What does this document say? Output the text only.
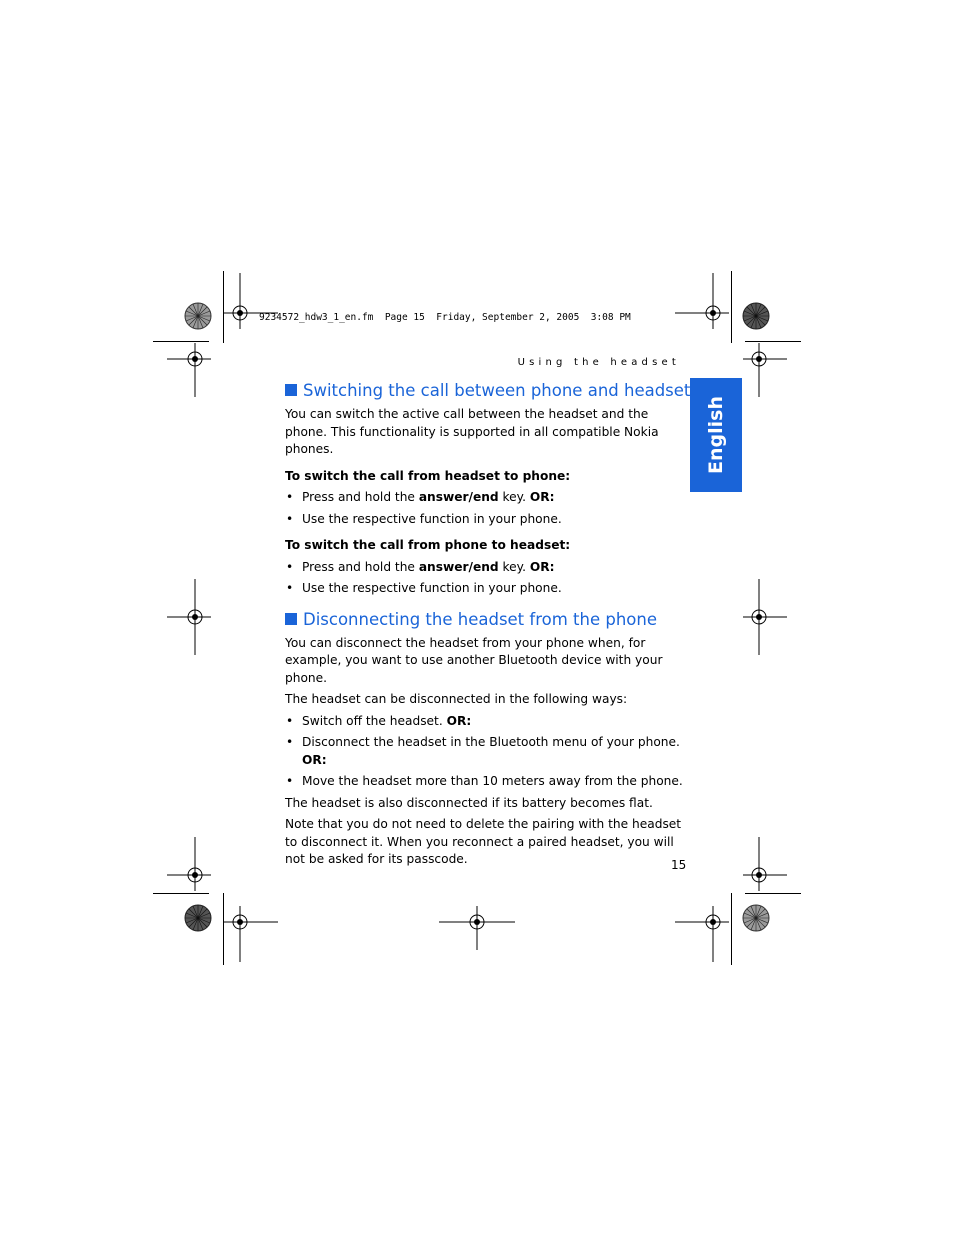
9234572_hdw3_1_en.fm  Page 15  Friday, September 2, 2005  3:08 PM
Using the headset
English
Switching the call between phone and headset

You can switch the active call between the headset and the phone. This functionality is supported in all compatible Nokia phones.

To switch the call from headset to phone:

• Press and hold the answer/end key. OR:
• Use the respective function in your phone.

To switch the call from phone to headset:

• Press and hold the answer/end key. OR:
• Use the respective function in your phone.
Disconnecting the headset from the phone

You can disconnect the headset from your phone when, for example, you want to use another Bluetooth device with your phone.

The headset can be disconnected in the following ways:

• Switch off the headset. OR:
• Disconnect the headset in the Bluetooth menu of your phone. OR:
• Move the headset more than 10 meters away from the phone.

The headset is also disconnected if its battery becomes flat.

Note that you do not need to delete the pairing with the headset to disconnect it. When you reconnect a paired headset, you will not be asked for its passcode.	15
